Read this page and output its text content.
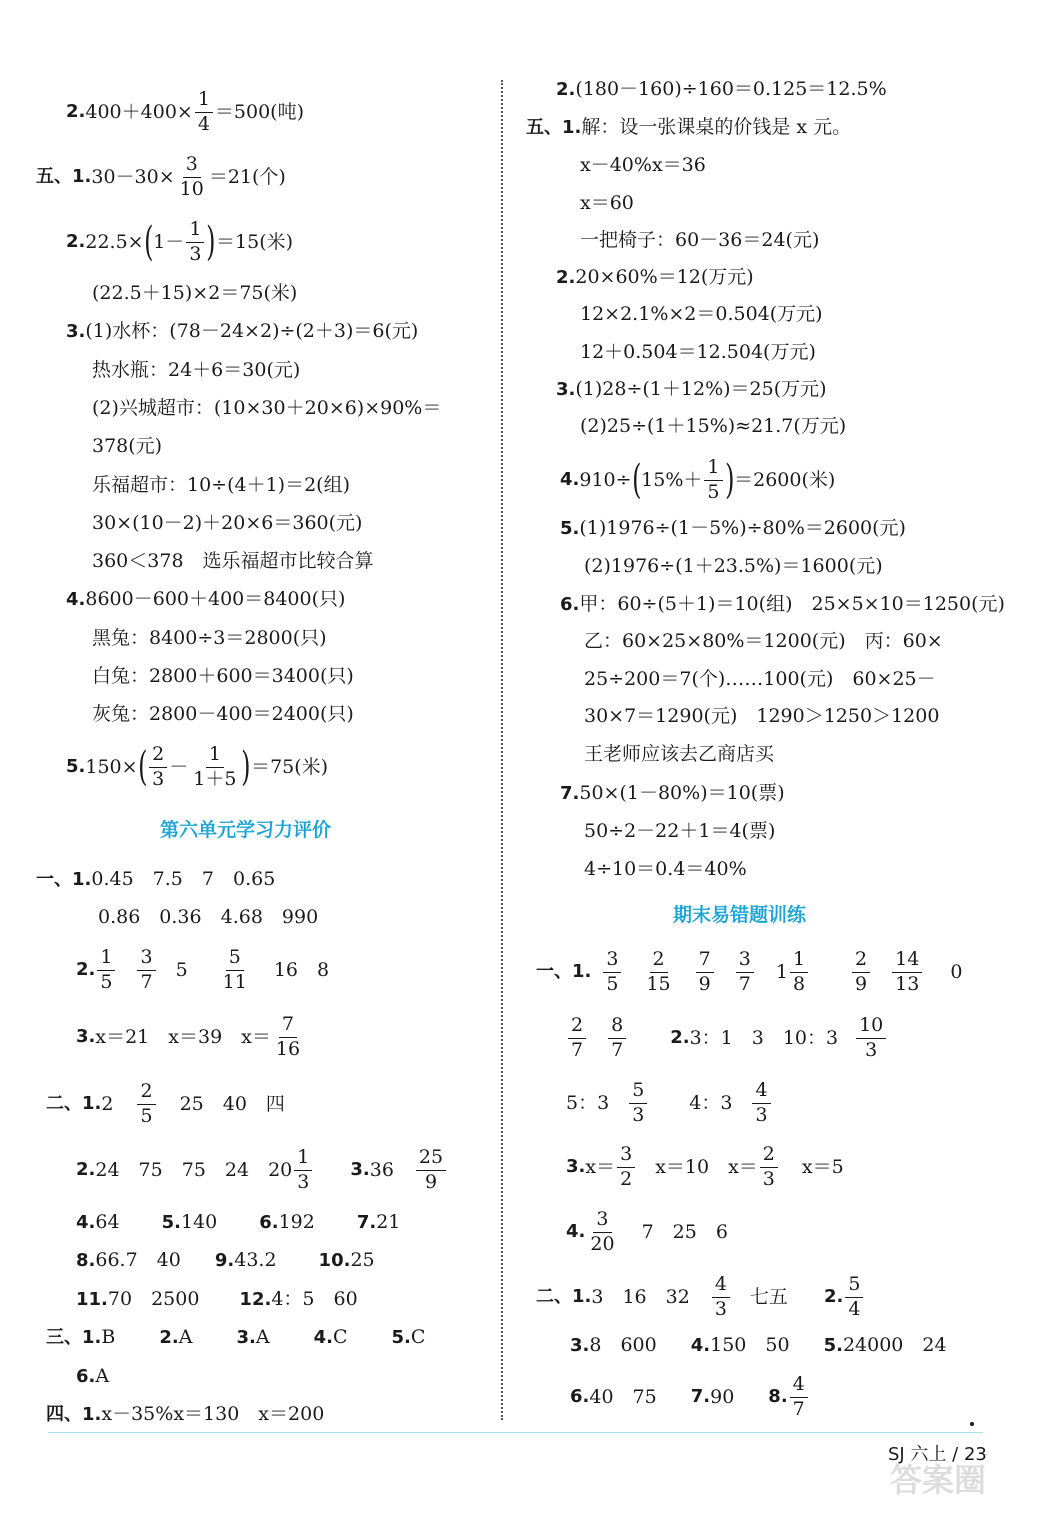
2. $400+400\times \frac{1}{4} =500$(吨)
五、1. $30-30\times \frac{3}{10} =21$(个)
2. 22.5× ( $1- \frac{1}{3}$ ) ＝15(米)
(22.5＋15)×2＝75(米)
3. (1)水杯：(78－24×2)÷(2＋3)＝6(元)
热水瓶：24＋6＝30(元)
(2)兴城超市：(10×30＋20×6)×90%＝
378(元)
乐福超市：10÷(4＋1)＝2(组)
30×(10－2)＋20×6＝360(元)
360＜378　选乐福超市比较合算
4. 8600－600＋400＝8400(只)
黑兔：8400÷3＝2800(只)
白兔：2800＋600＝3400(只)
灰兔：2800－400＝2400(只)
5. 150× ( $\frac{2}{3} - \frac{1}{1+5}$ ) ＝75(米)
第六单元学习力评价
一、1. 0.45　7.5　7　0.65
0.86　0.36　4.68　990
2. $\frac{1}{5} \frac{3}{7} 5 \frac{5}{11} 16$　8
3. x＝21　x＝39　$x= \frac{7}{16}$
二、1. $2 \frac{2}{5} 25$　40　四
2. 24　75　75　24　$20 \frac{1}{3} 3$. $36 \frac{25}{9}$
4. 64 5. 140 6. 192 7. 21
8. 66.7　40 9. 43.2 10. 25
11. 70　2500 12. 4：5　60
三、1. B 2. A 3. A 4. C 5. C
6. A
四、1. x－35%x＝130　x＝200
2. (180－160)÷160＝0.125＝12.5%
五、1. 解：设一张课桌的价钱是 x 元。
x－40%x＝36
x＝60
一把椅子：60－36＝24(元)
2. 20×60%＝12(万元)
12×2.1%×2＝0.504(万元)
12＋0.504＝12.504(万元)
3. (1)28÷(1＋12%)＝25(万元)
(2)25÷(1＋15%)≈21.7(万元)
4. 910÷ ( $15\%+ \frac{1}{5}$ ) ＝2600(米)
5. (1)1976÷(1－5%)÷80%＝2600(元)
(2)1976÷(1＋23.5%)＝1600(元)
6. 甲：60÷(5＋1)＝10(组)　25×5×10＝1250(元)
乙：60×25×80%＝1200(元)　丙：60×
25÷200＝7(个)……100(元)　60×25－
30×7＝1290(元)　1290＞1250＞1200
王老师应该去乙商店买
7. 50×(1－80%)＝10(票)
50÷2－22＋1＝4(票)
4÷10＝0.4＝40%
期末易错题训练
一、1. $\frac{3}{5} \frac{2}{15} \frac{7}{9} \frac{3}{7} 1 \frac{1}{8} \frac{2}{9} \frac{14}{13} 0$
$\frac{2}{7} \frac{8}{7} 2$. 3：1　3　10：$3 \frac{10}{3}$
5：$3 \frac{5}{3} 4$：$3 \frac{4}{3}$
3. $x= \frac{3}{2} x=10$　$x= \frac{2}{3} x=5$
4. $\frac{3}{20} 7$　25　6
二、1. 3　16　$32 \frac{4}{3}$ 七五 2. $\frac{5}{4}$
3. 8　600 4. 150　50 5. 24000　24
6. 40　75 7. 90 8. $\frac{4}{7}$
SJ 六上 / 23
答案圈
